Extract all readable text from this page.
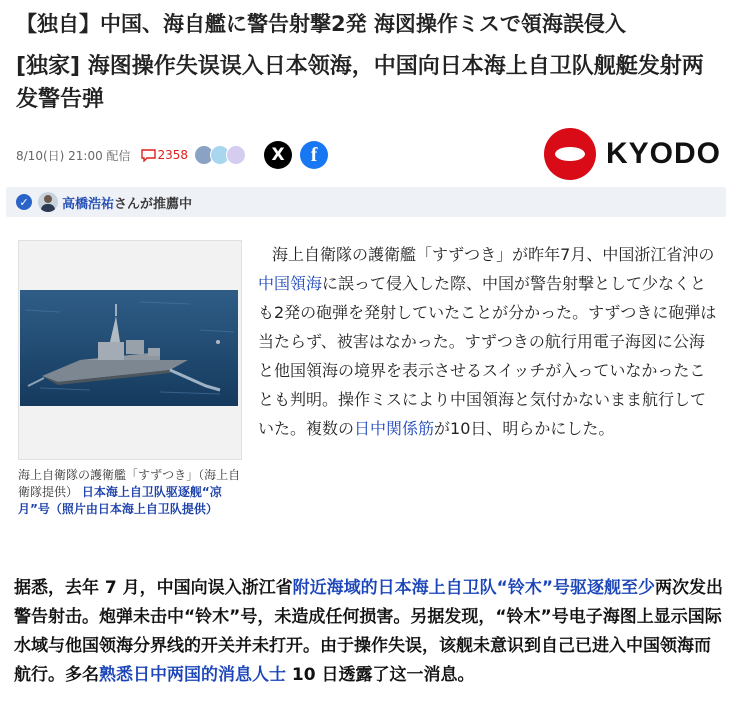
【独自】中国、海自艦に警告射撃2発 海図操作ミスで領海誤侵入
[独家] 海图操作失误误入日本领海，中国向日本海上自卫队舰艇发射两发警告弹
8/10(日) 21:00 配信 2358	X	f	KYODO
✓	高橋浩祐 さんが推薦中
海上自衛隊の護衛艦「すずつき」（海上自衛隊提供） 日本海上自卫队驱逐舰“凉月”号（照片由日本海上自卫队提供）
海上自衛隊の護衛艦「すずつき」が昨年7月、中国浙江省沖の中国領海に誤って侵入した際、中国が警告射撃として少なくとも2発の砲弾を発射していたことが分かった。すずつきに砲弾は当たらず、被害はなかった。すずつきの航行用電子海図に公海と他国領海の境界を表示させるスイッチが入っていなかったことも判明。操作ミスにより中国領海と気付かないまま航行していた。複数の日中関係筋が10日、明らかにした。
据悉，去年 7 月，中国向误入浙江省附近海域的日本海上自卫队“铃木”号驱逐舰至少两次发出警告射击。炮弹未击中“铃木”号，未造成任何损害。另据发现，“铃木”号电子海图上显示国际水域与他国领海分界线的开关并未打开。由于操作失误，该舰未意识到自己已进入中国领海而航行。多名熟悉日中两国的消息人士 10 日透露了这一消息。
